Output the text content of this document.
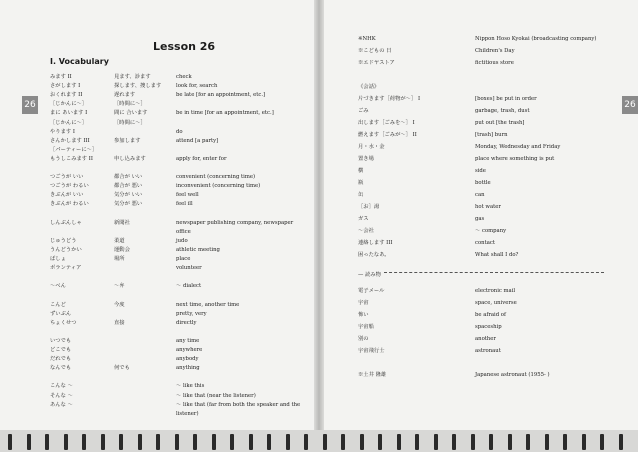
26	26
Lesson 26
I. Vocabulary
みます II	見ます、診ます	check
さがします I	探します、捜します	look for, search
おくれます II	遅れます	be late [for an appointment, etc.]
［じかんに～］	［時間に～］
まに あいます I	間に 合います	be in time [for an appointment, etc.]
［じかんに～］	［時間に～］
やります I	do
さんかします III	参加します	attend [a party]
［パーティーに～］
もうしこみます II	申し込みます	apply for, enter for
つごうが いい	都合が いい	convenient (concerning time)
つごうが わるい	都合が 悪い	inconvenient (concerning time)
きぶんが いい	気分が いい	feel well
きぶんが わるい	気分が 悪い	feel ill
しんぶんしゃ	新聞社	newspaper publishing company, newspaper
office
じゅうどう	柔道	judo
うんどうかい	運動会	athletic meeting
ばしょ	場所	place
ボランティア	volunteer
～べん	～弁	～ dialect
こんど	今度	next time, another time
ずいぶん	pretty, very
ちょくせつ	直接	directly
いつでも	any time
どこでも	anywhere
だれでも	anybody
なんでも	何でも	anything
こんな ～	～ like this
そんな ～	～ like that (near the listener)
あんな ～	～ like that (far from both the speaker and the
listener)
※NHK	Nippon Hoso Kyokai (broadcasting company)
※こどもの 日	Children's Day
※エドヤストア	fictitious store
《会話》
片づきます［荷物が～］ I	[boxes] be put in order
ごみ	garbage, trash, dust
出します［ごみを～］ I	put out [the trash]
燃えます［ごみが～］ II	[trash] burn
月・水・金	Monday, Wednesday and Friday
置き場	place where something is put
横	side
瓶	bottle
缶	can
［お］湯	hot water
ガス	gas
～会社	～ company
連絡します III	contact
困ったなあ。	What shall I do?
電子メール	electronic mail
宇宙	space, universe
怖い	be afraid of
宇宙船	spaceship
別の	another
宇宙飛行士	astronaut
※土井 隆雄	Japanese astronaut (1955- )
— 読み物
